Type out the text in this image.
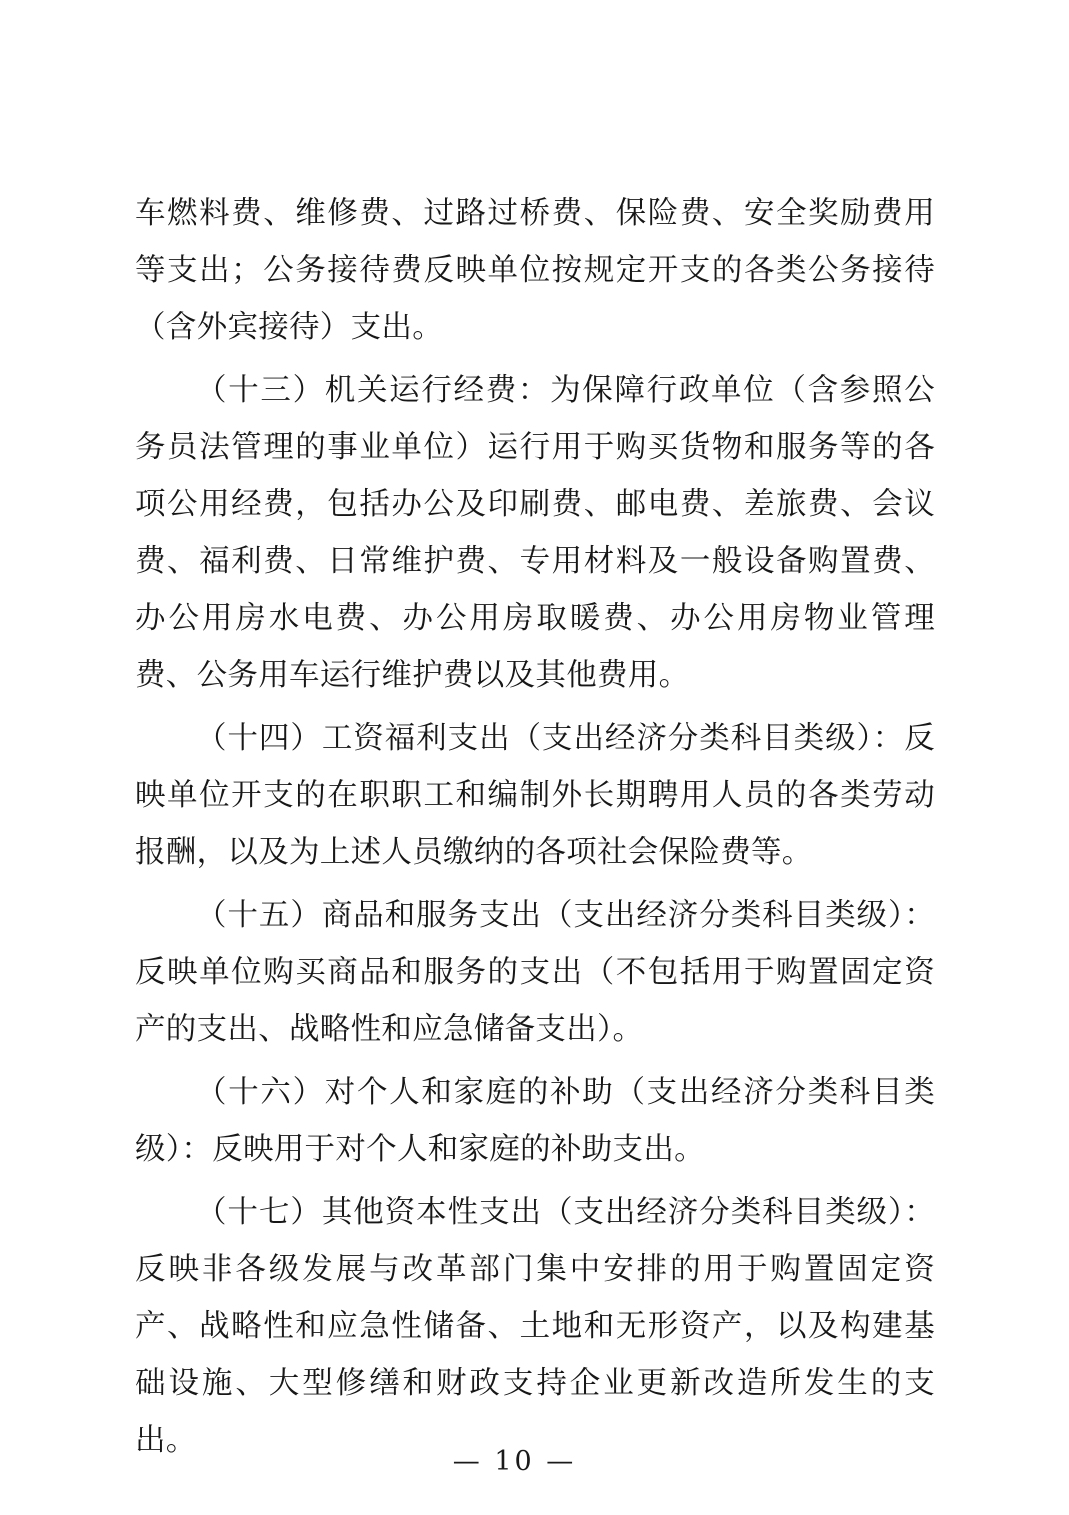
车燃料费、维修费、过路过桥费、保险费、安全奖励费用等支出；公务接待费反映单位按规定开支的各类公务接待（含外宾接待）支出。

（十三）机关运行经费：为保障行政单位（含参照公务员法管理的事业单位）运行用于购买货物和服务等的各项公用经费，包括办公及印刷费、邮电费、差旅费、会议费、福利费、日常维护费、专用材料及一般设备购置费、办公用房水电费、办公用房取暖费、办公用房物业管理费、公务用车运行维护费以及其他费用。

（十四）工资福利支出（支出经济分类科目类级）：反映单位开支的在职职工和编制外长期聘用人员的各类劳动报酬，以及为上述人员缴纳的各项社会保险费等。

（十五）商品和服务支出（支出经济分类科目类级）：反映单位购买商品和服务的支出（不包括用于购置固定资产的支出、战略性和应急储备支出）。

（十六）对个人和家庭的补助（支出经济分类科目类级）：反映用于对个人和家庭的补助支出。

（十七）其他资本性支出（支出经济分类科目类级）：反映非各级发展与改革部门集中安排的用于购置固定资产、战略性和应急性储备、土地和无形资产，以及构建基础设施、大型修缮和财政支持企业更新改造所发生的支出。

— 10 —
